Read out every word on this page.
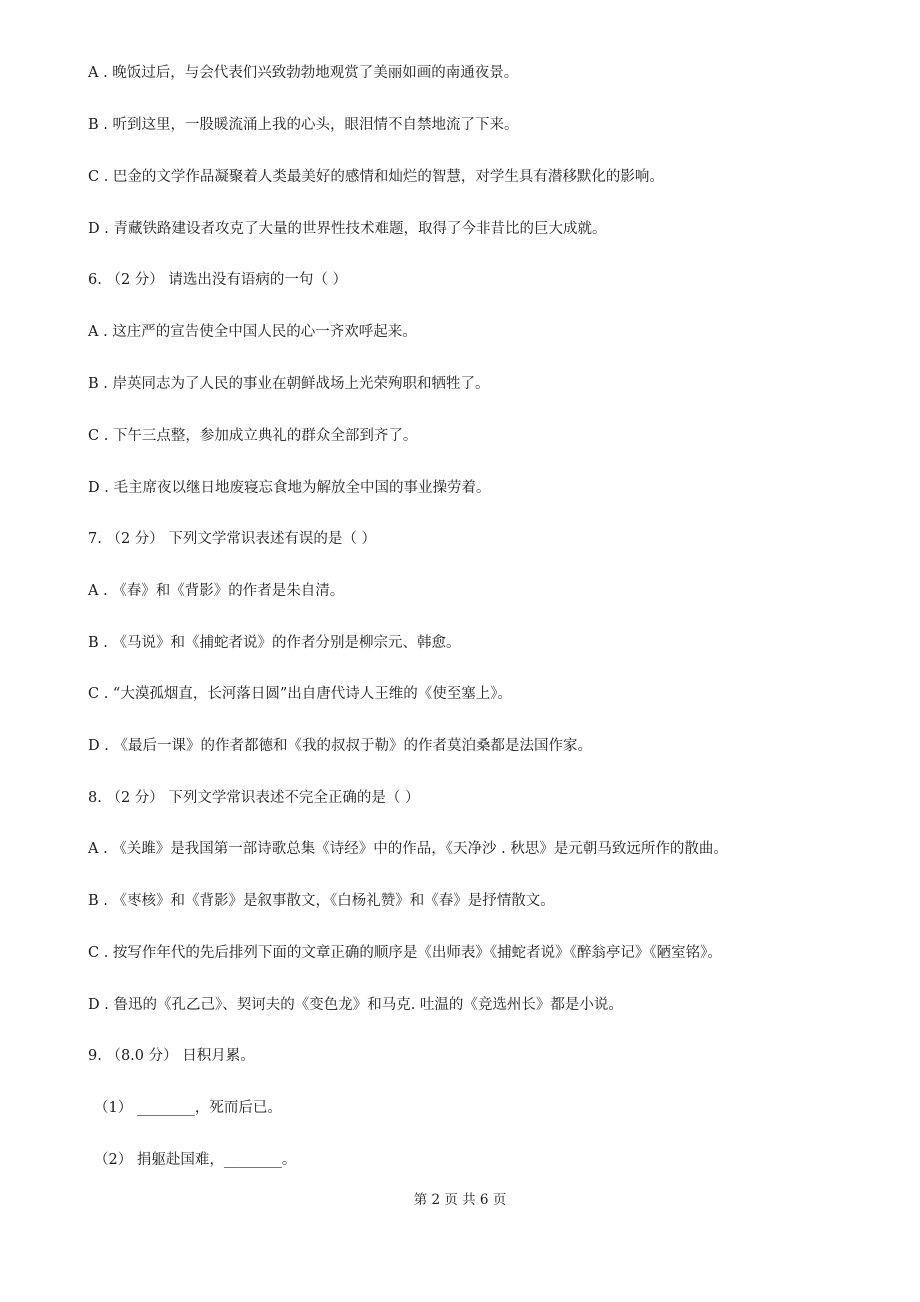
A . 晚饭过后，与会代表们兴致勃勃地观赏了美丽如画的南通夜景。
B . 听到这里，一股暖流涌上我的心头，眼泪情不自禁地流了下来。
C . 巴金的文学作品凝聚着人类最美好的感情和灿烂的智慧，对学生具有潜移默化的影响。
D . 青藏铁路建设者攻克了大量的世界性技术难题，取得了今非昔比的巨大成就。
6. （2 分） 请选出没有语病的一句（ ）
A . 这庄严的宣告使全中国人民的心一齐欢呼起来。
B . 岸英同志为了人民的事业在朝鲜战场上光荣殉职和牺牲了。
C . 下午三点整，参加成立典礼的群众全部到齐了。
D . 毛主席夜以继日地废寝忘食地为解放全中国的事业操劳着。
7. （2 分） 下列文学常识表述有误的是（ ）
A . 《春》和《背影》的作者是朱自清。
B . 《马说》和《捕蛇者说》的作者分别是柳宗元、韩愈。
C . “大漠孤烟直，长河落日圆”出自唐代诗人王维的《使至塞上》。
D . 《最后一课》的作者都德和《我的叔叔于勒》的作者莫泊桑都是法国作家。
8. （2 分） 下列文学常识表述不完全正确的是（ ）
A . 《关雎》是我国第一部诗歌总集《诗经》中的作品，《天净沙 . 秋思》是元朝马致远所作的散曲。
B . 《枣核》和《背影》是叙事散文，《白杨礼赞》和《春》是抒情散文。
C . 按写作年代的先后排列下面的文章正确的顺序是《出师表》《捕蛇者说》《醉翁亭记》《陋室铭》。
D . 鲁迅的《孔乙己》、契诃夫的《变色龙》和马克. 吐温的《竞选州长》都是小说。
9. （8.0 分） 日积月累。
（1） ________，死而后已。
（2） 捐躯赴国难，________。
第 2 页 共 6 页
